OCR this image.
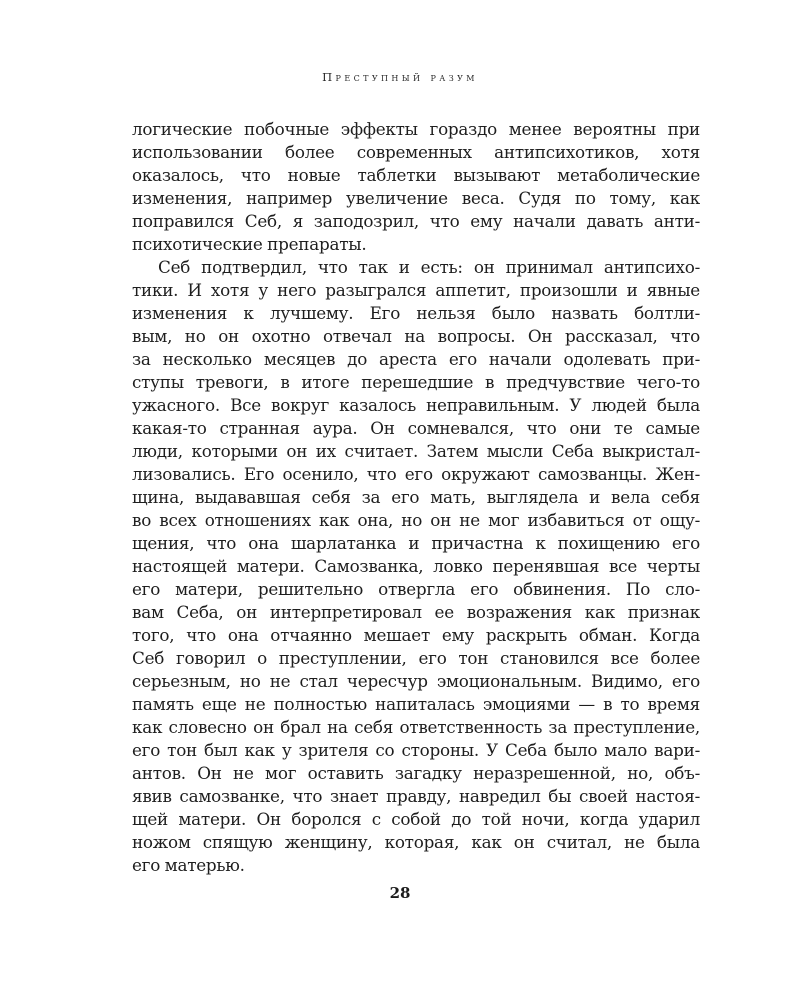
Преступный разум
логические побочные эффекты гораздо менее вероятны при
использовании более современных антипсихотиков, хотя
оказалось, что новые таблетки вызывают метаболические
изменения, например увеличение веса. Судя по тому, как
поправился Себ, я заподозрил, что ему начали давать анти-
психотические препараты.
Себ подтвердил, что так и есть: он принимал антипсихо-
тики. И хотя у него разыгрался аппетит, произошли и явные
изменения к лучшему. Его нельзя было назвать болтли-
вым, но он охотно отвечал на вопросы. Он рассказал, что
за несколько месяцев до ареста его начали одолевать при-
ступы тревоги, в итоге перешедшие в предчувствие чего-то
ужасного. Все вокруг казалось неправильным. У людей была
какая-то странная аура. Он сомневался, что они те самые
люди, которыми он их считает. Затем мысли Себа выкристал-
лизовались. Его осенило, что его окружают самозванцы. Жен-
щина, выдававшая себя за его мать, выглядела и вела себя
во всех отношениях как она, но он не мог избавиться от ощу-
щения, что она шарлатанка и причастна к похищению его
настоящей матери. Самозванка, ловко перенявшая все черты
его матери, решительно отвергла его обвинения. По сло-
вам Себа, он интерпретировал ее возражения как признак
того, что она отчаянно мешает ему раскрыть обман. Когда
Себ говорил о преступлении, его тон становился все более
серьезным, но не стал чересчур эмоциональным. Видимо, его
память еще не полностью напиталась эмоциями — в то время
как словесно он брал на себя ответственность за преступление,
его тон был как у зрителя со стороны. У Себа было мало вари-
антов. Он не мог оставить загадку неразрешенной, но, объ-
явив самозванке, что знает правду, навредил бы своей настоя-
щей матери. Он боролся с собой до той ночи, когда ударил
ножом спящую женщину, которая, как он считал, не была
его матерью.
28
